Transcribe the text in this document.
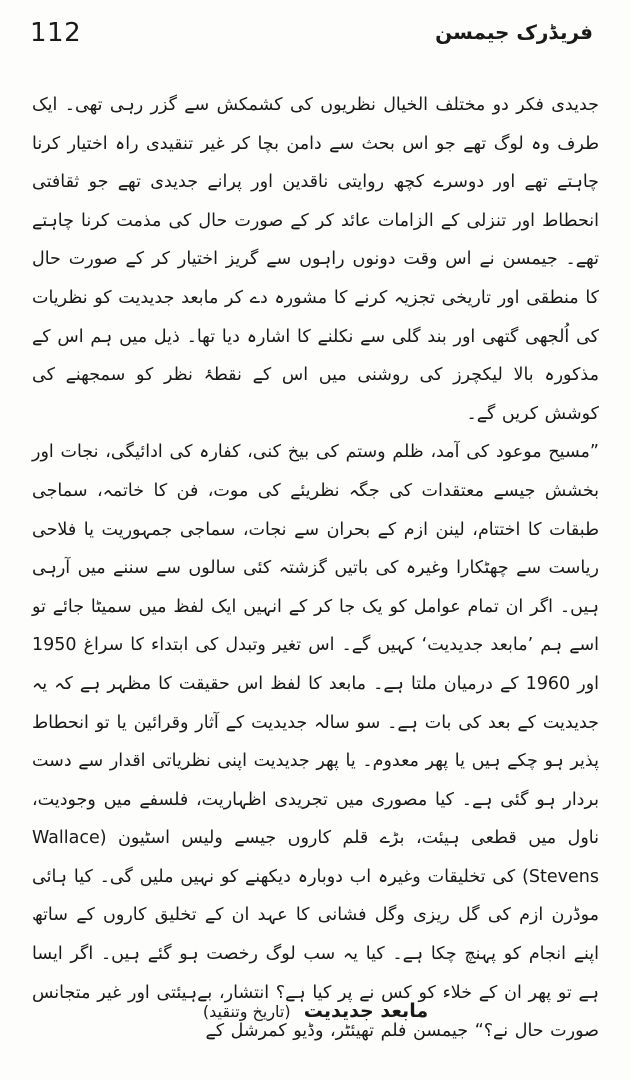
112	فریڈرک جیمسن

جدیدی فکر دو مختلف الخیال نظریوں کی کشمکش سے گزر رہی تھی۔ ایک طرف وہ لوگ تھے جو اس بحث سے دامن بچا کر غیر تنقیدی راہ اختیار کرنا چاہتے تھے اور دوسرے کچھ روایتی ناقدین اور پرانے جدیدی تھے جو ثقافتی انحطاط اور تنزلی کے الزامات عائد کر کے صورت حال کی مذمت کرنا چاہتے تھے۔ جیمسن نے اس وقت دونوں راہوں سے گریز اختیار کر کے صورت حال کا منطقی اور تاریخی تجزیہ کرنے کا مشورہ دے کر مابعد جدیدیت کو نظریات کی اُلجھی گتھی اور بند گلی سے نکلنے کا اشارہ دیا تھا۔ ذیل میں ہم اس کے مذکورہ بالا لیکچرز کی روشنی میں اس کے نقطۂ نظر کو سمجھنے کی کوشش کریں گے۔

”مسیح موعود کی آمد، ظلم وستم کی بیخ کنی، کفارہ کی ادائیگی، نجات اور بخشش جیسے معتقدات کی جگہ نظریئے کی موت، فن کا خاتمہ، سماجی طبقات کا اختتام، لینن ازم کے بحران سے نجات، سماجی جمہوریت یا فلاحی ریاست سے چھٹکارا وغیرہ کی باتیں گزشتہ کئی سالوں سے سننے میں آرہی ہیں۔ اگر ان تمام عوامل کو یک جا کر کے انہیں ایک لفظ میں سمیٹا جائے تو اسے ہم ’مابعد جدیدیت‘ کہیں گے۔ اس تغیر وتبدل کی ابتداء کا سراغ 1950 اور 1960 کے درمیان ملتا ہے۔ مابعد کا لفظ اس حقیقت کا مظہر ہے کہ یہ جدیدیت کے بعد کی بات ہے۔ سو سالہ جدیدیت کے آثار وقرائین یا تو انحطاط پذیر ہو چکے ہیں یا پھر معدوم۔ یا پھر جدیدیت اپنی نظریاتی اقدار سے دست بردار ہو گئی ہے۔ کیا مصوری میں تجریدی اظہاریت، فلسفے میں وجودیت، ناول میں قطعی ہیئت، بڑے قلم کاروں جیسے ولیس اسٹیون (Wallace Stevens) کی تخلیقات وغیرہ اب دوبارہ دیکھنے کو نہیں ملیں گی۔ کیا ہائی موڈرن ازم کی گل ریزی وگل فشانی کا عہد ان کے تخلیق کاروں کے ساتھ اپنے انجام کو پہنچ چکا ہے۔ کیا یہ سب لوگ رخصت ہو گئے ہیں۔ اگر ایسا ہے تو پھر ان کے خلاء کو کس نے پر کیا ہے؟ انتشار، بےہیئتی اور غیر متجانس صورت حال نے؟“ جیمسن فلم تھیئٹر، وڈیو کمرشل کے

مابعد جدیدیت (تاریخ وتنقید)
